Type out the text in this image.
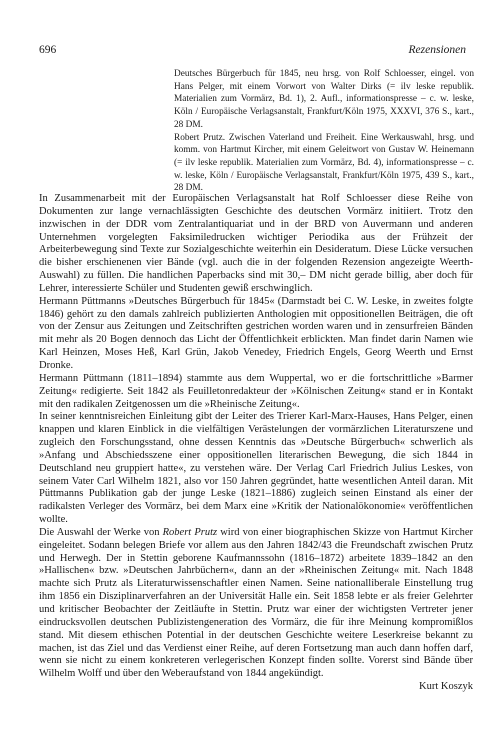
696	Rezensionen

Deutsches Bürgerbuch für 1845, neu hrsg. von Rolf Schloesser, eingel. von Hans Pelger, mit einem Vorwort von Walter Dirks (= ilv leske republik. Materialien zum Vormärz, Bd. 1), 2. Aufl., informationspresse – c. w. leske, Köln / Europäische Verlagsanstalt, Frankfurt/Köln 1975, XXXVI, 376 S., kart., 28 DM.

Robert Prutz. Zwischen Vaterland und Freiheit. Eine Werkauswahl, hrsg. und komm. von Hartmut Kircher, mit einem Geleitwort von Gustav W. Heinemann (= ilv leske republik. Materialien zum Vormärz, Bd. 4), informationspresse – c. w. leske, Köln / Europäische Verlagsanstalt, Frankfurt/Köln 1975, 439 S., kart., 28 DM.

In Zusammenarbeit mit der Europäischen Verlagsanstalt hat Rolf Schloesser diese Reihe von Dokumenten zur lange vernachlässigten Geschichte des deutschen Vormärz initiiert. Trotz den inzwischen in der DDR vom Zentralantiquariat und in der BRD von Auvermann und anderen Unternehmen vorgelegten Faksimiledrucken wichtiger Periodika aus der Frühzeit der Arbeiterbewegung sind Texte zur Sozialgeschichte weiterhin ein Desideratum. Diese Lücke versuchen die bisher erschienenen vier Bände (vgl. auch die in der folgenden Rezension angezeigte Weerth-Auswahl) zu füllen. Die handlichen Paperbacks sind mit 30,– DM nicht gerade billig, aber doch für Lehrer, interessierte Schüler und Studenten gewiß erschwinglich.

Hermann Püttmanns »Deutsches Bürgerbuch für 1845« (Darmstadt bei C. W. Leske, in zweites folgte 1846) gehört zu den damals zahlreich publizierten Anthologien mit oppositionellen Beiträgen, die oft von der Zensur aus Zeitungen und Zeitschriften gestrichen worden waren und in zensurfreien Bänden mit mehr als 20 Bogen dennoch das Licht der Öffentlichkeit erblickten. Man findet darin Namen wie Karl Heinzen, Moses Heß, Karl Grün, Jakob Venedey, Friedrich Engels, Georg Weerth und Ernst Dronke.

Hermann Püttmann (1811–1894) stammte aus dem Wuppertal, wo er die fortschrittliche »Barmer Zeitung« redigierte. Seit 1842 als Feuilletonredakteur der »Kölnischen Zeitung« stand er in Kontakt mit den radikalen Zeitgenossen um die »Rheinische Zeitung«.

In seiner kenntnisreichen Einleitung gibt der Leiter des Trierer Karl-Marx-Hauses, Hans Pelger, einen knappen und klaren Einblick in die vielfältigen Verästelungen der vormärzlichen Literaturszene und zugleich den Forschungsstand, ohne dessen Kenntnis das »Deutsche Bürgerbuch« schwerlich als »Anfang und Abschiedsszene einer oppositionellen literarischen Bewegung, die sich 1844 in Deutschland neu gruppiert hatte«, zu verstehen wäre. Der Verlag Carl Friedrich Julius Leskes, von seinem Vater Carl Wilhelm 1821, also vor 150 Jahren gegründet, hatte wesentlichen Anteil daran. Mit Püttmanns Publikation gab der junge Leske (1821–1886) zugleich seinen Einstand als einer der radikalsten Verleger des Vormärz, bei dem Marx eine »Kritik der Nationalökonomie« veröffentlichen wollte.

Die Auswahl der Werke von Robert Prutz wird von einer biographischen Skizze von Hartmut Kircher eingeleitet. Sodann belegen Briefe vor allem aus den Jahren 1842/43 die Freundschaft zwischen Prutz und Herwegh. Der in Stettin geborene Kaufmannssohn (1816–1872) arbeitete 1839–1842 an den »Hallischen« bzw. »Deutschen Jahrbüchern«, dann an der »Rheinischen Zeitung« mit. Nach 1848 machte sich Prutz als Literaturwissenschaftler einen Namen. Seine nationalliberale Einstellung trug ihm 1856 ein Disziplinarverfahren an der Universität Halle ein. Seit 1858 lebte er als freier Gelehrter und kritischer Beobachter der Zeitläufte in Stettin. Prutz war einer der wichtigsten Vertreter jener eindrucksvollen deutschen Publizistengeneration des Vormärz, die für ihre Meinung kompromißlos stand. Mit diesem ethischen Potential in der deutschen Geschichte weitere Leserkreise bekannt zu machen, ist das Ziel und das Verdienst einer Reihe, auf deren Fortsetzung man auch dann hoffen darf, wenn sie nicht zu einem konkreteren verlegerischen Konzept finden sollte. Vorerst sind Bände über Wilhelm Wolff und über den Weberaufstand von 1844 angekündigt.

Kurt Koszyk
